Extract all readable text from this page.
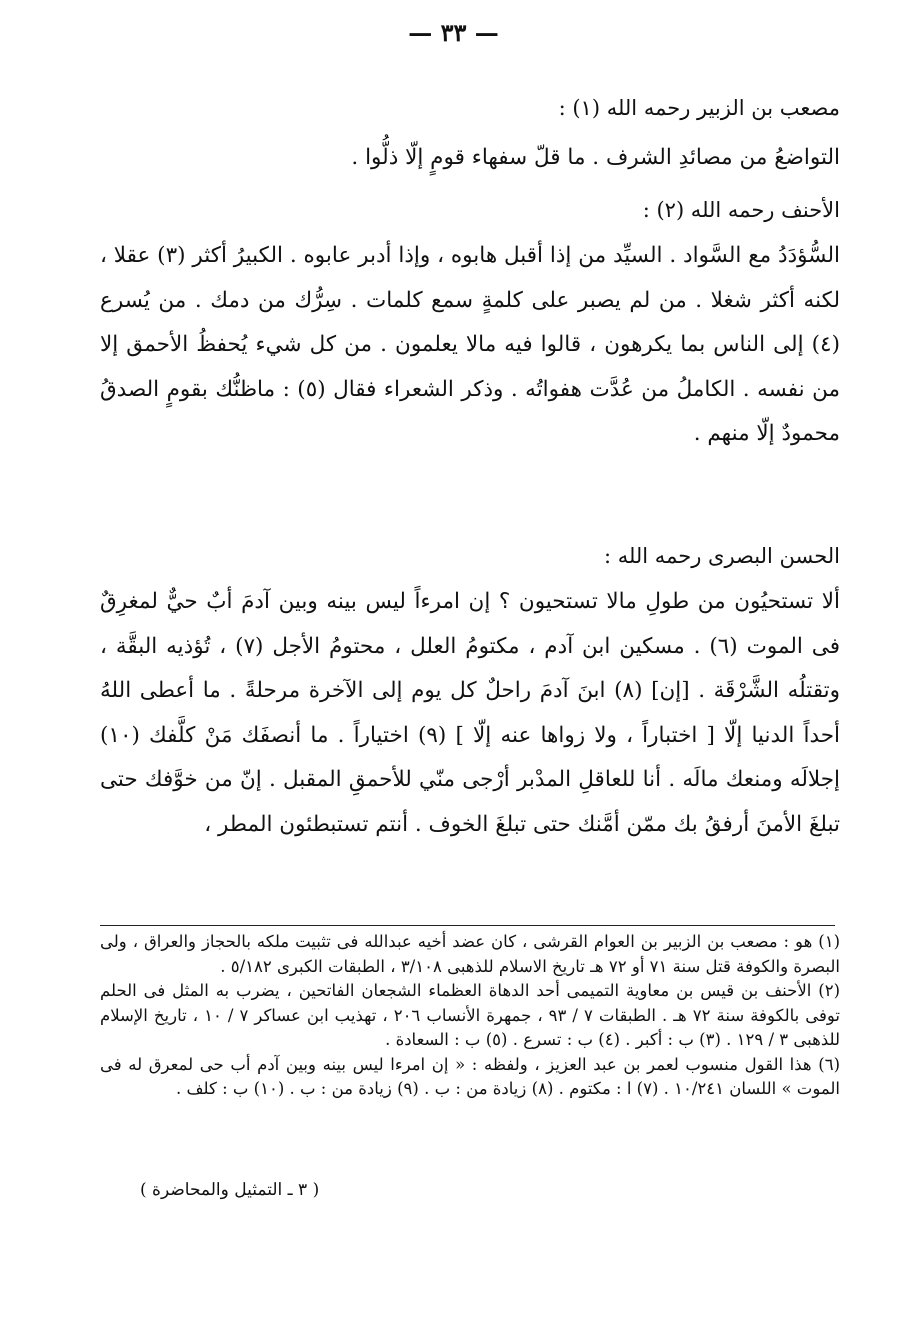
— ٣٣ —
مصعب بن الزبير رحمه الله (١) :

التواضعُ من مصائدِ الشرف . ما قلّ سفهاء قومٍ إلّا ذلُّوا .

الأحنف رحمه الله (٢) :

السُّؤدَدُ مع السَّواد . السيِّد من إذا أقبل هابوه ، وإذا أدبر عابوه . الكبيرُ أكثر (٣) عقلا ، لكنه أكثر شغلا . من لم يصبر على كلمةٍ سمع كلمات . سِرُّك من دمك . من يُسرع (٤) إلى الناس بما يكرهون ، قالوا فيه مالا يعلمون . من كل شيء يُحفظُ الأحمق إلا من نفسه . الكاملُ من عُدَّت هفواتُه . وذكر الشعراء فقال (٥) : ماظنُّك بقومٍ الصدقُ محمودٌ إلّا منهم .

الحسن البصرى رحمه الله :

ألا تستحيُون من طولِ مالا تستحيون ؟ إن امرءاً ليس بينه وبين آدمَ أبٌ حيٌّ لمغرِقٌ فى الموت (٦) . مسكين ابن آدم ، مكتومُ العلل ، محتومُ الأجل (٧) ، تُؤذيه البقَّة ، وتقتلُه الشَّرْقَة . [إن] (٨) ابنَ آدمَ راحلٌ كل يوم إلى الآخرة مرحلةً . ما أعطى اللهُ أحداً الدنيا إلّا [ اختباراً ، ولا زواها عنه إلّا ] (٩) اختياراً . ما أنصفَك مَنْ كلَّفك (١٠) إجلالَه ومنعك مالَه . أنا للعاقلِ المدْبر أرْجى منّي للأحمقِ المقبل . إنّ من خوَّفك حتى تبلغَ الأمنَ أرفقُ بك ممّن أمَّنك حتى تبلغَ الخوف . أنتم تستبطئون المطر ،

(١) هو : مصعب بن الزبير بن العوام القرشى ، كان عضد أخيه عبدالله فى تثبيت ملكه بالحجاز والعراق ، ولى البصرة والكوفة قتل سنة ٧١ أو ٧٢ هـ تاريخ الاسلام للذهبى ٣/١٠٨ ، الطبقات الكبرى ٥/١٨٢ .

(٢) الأحنف بن قيس بن معاوية التميمى أحد الدهاة العظماء الشجعان الفاتحين ، يضرب به المثل فى الحلم توفى بالكوفة سنة ٧٢ هـ . الطبقات ٧ / ٩٣ ، جمهرة الأنساب ٢٠٦ ، تهذيب ابن عساكر ٧ / ١٠ ، تاريخ الإسلام للذهبى ٣ / ١٢٩ . (٣) ب : أكبر . (٤) ب : تسرع . (٥) ب : السعادة .

(٦) هذا القول منسوب لعمر بن عبد العزيز ، ولفظه : « إن امرءا ليس بينه وبين آدم أب حى لمعرق له فى الموت » اللسان ١٠/٢٤١ . (٧) ا : مكتوم . (٨) زيادة من : ب . (٩) زيادة من : ب . (١٠) ب : كلف .

( ٣ ـ التمثيل والمحاضرة )
